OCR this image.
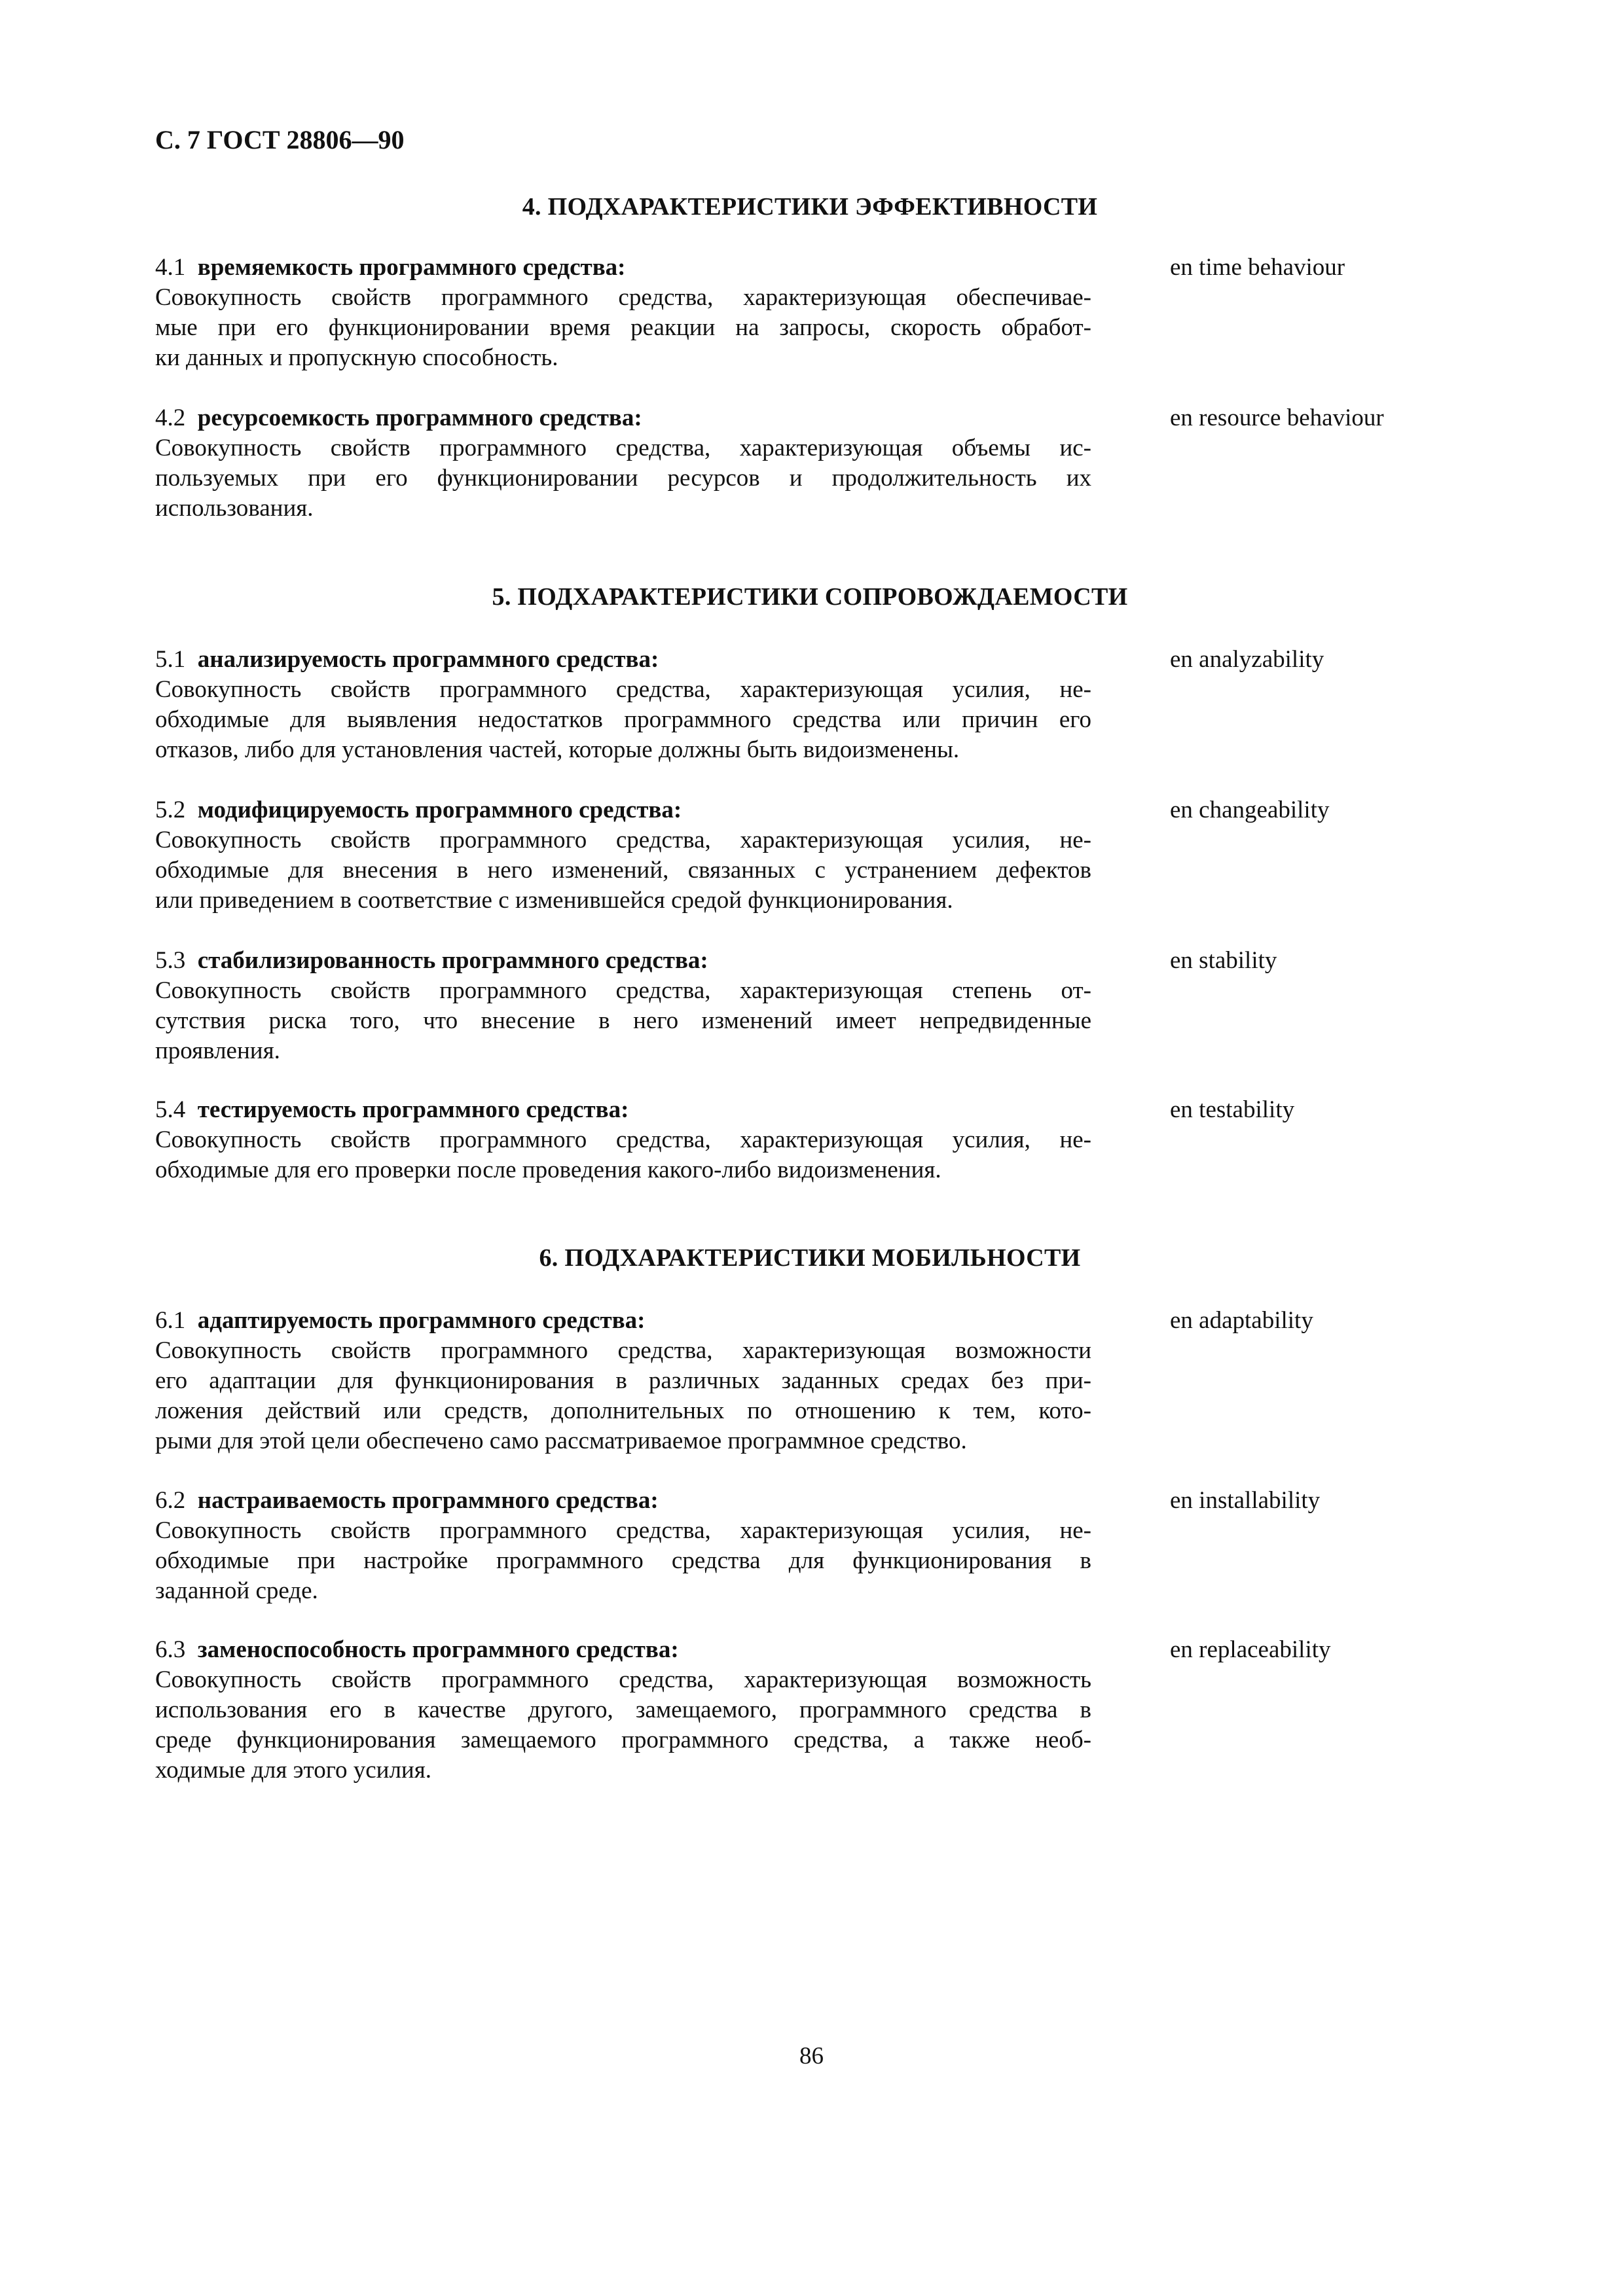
С. 7 ГОСТ 28806—90
4. ПОДХАРАКТЕРИСТИКИ ЭФФЕКТИВНОСТИ
4.1 времяемкость программного средства:
Совокупность свойств программного средства, характеризующая обеспечивае-
мые при его функционировании время реакции на запросы, скорость обработ-
ки данных и пропускную способность.
en time behaviour
4.2 ресурсоемкость программного средства:
Совокупность свойств программного средства, характеризующая объемы ис-
пользуемых при его функционировании ресурсов и продолжительность их
использования.
en resource behaviour
5. ПОДХАРАКТЕРИСТИКИ СОПРОВОЖДАЕМОСТИ
5.1 анализируемость программного средства:
Совокупность свойств программного средства, характеризующая усилия, не-
обходимые для выявления недостатков программного средства или причин его
отказов, либо для установления частей, которые должны быть видоизменены.
en analyzability
5.2 модифицируемость программного средства:
Совокупность свойств программного средства, характеризующая усилия, не-
обходимые для внесения в него изменений, связанных с устранением дефектов
или приведением в соответствие с изменившейся средой функционирования.
en changeability
5.3 стабилизированность программного средства:
Совокупность свойств программного средства, характеризующая степень от-
сутствия риска того, что внесение в него изменений имеет непредвиденные
проявления.
en stability
5.4 тестируемость программного средства:
Совокупность свойств программного средства, характеризующая усилия, не-
обходимые для его проверки после проведения какого-либо видоизменения.
en testability
6. ПОДХАРАКТЕРИСТИКИ МОБИЛЬНОСТИ
6.1 адаптируемость программного средства:
Совокупность свойств программного средства, характеризующая возможности
его адаптации для функционирования в различных заданных средах без при-
ложения действий или средств, дополнительных по отношению к тем, кото-
рыми для этой цели обеспечено само рассматриваемое программное средство.
en adaptability
6.2 настраиваемость программного средства:
Совокупность свойств программного средства, характеризующая усилия, не-
обходимые при настройке программного средства для функционирования в
заданной среде.
en installability
6.3 заменоспособность программного средства:
Совокупность свойств программного средства, характеризующая возможность
использования его в качестве другого, замещаемого, программного средства в
среде функционирования замещаемого программного средства, а также необ-
ходимые для этого усилия.
en replaceability
86
